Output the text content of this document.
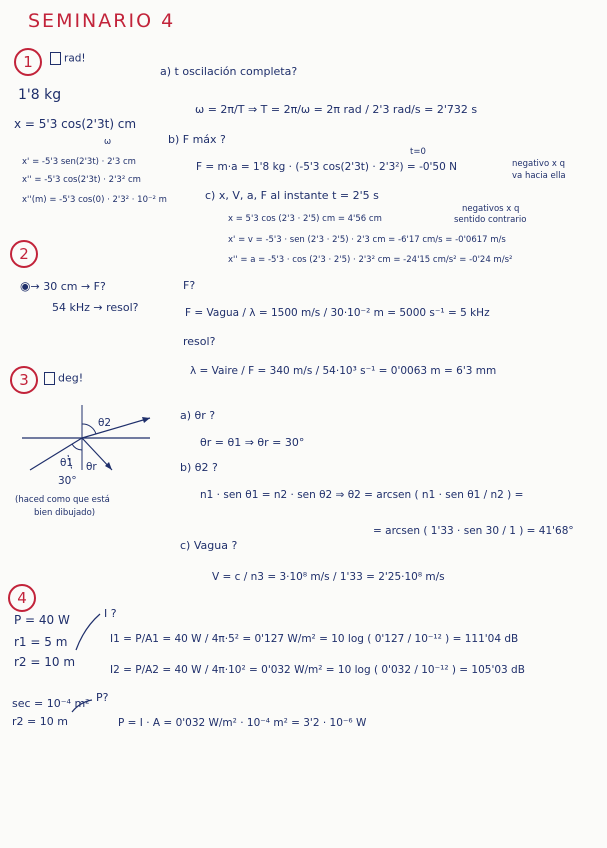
SEMINARIO 4
1	rad!
1'8 kg
x = 5'3 cos(2'3t) cm
ω
x' = -5'3 sen(2'3t) · 2'3 cm
x'' = -5'3 cos(2'3t) · 2'3² cm
x''(m) = -5'3 cos(0) · 2'3² · 10⁻² m
a) t oscilación completa?
ω = 2π/T ⇒ T = 2π/ω = 2π rad / 2'3 rad/s = 2'732 s
b) F máx ?
t=0
F = m·a = 1'8 kg · (-5'3 cos(2'3t) · 2'3²) = -0'50 N	negativo x q
va hacia ella
c) x, V, a, F al instante t = 2'5 s
negativos x q
sentido contrario
x = 5'3 cos (2'3 · 2'5) cm = 4'56 cm
x' = v = -5'3 · sen (2'3 · 2'5) · 2'3 cm = -6'17 cm/s = -0'0617 m/s
x'' = a = -5'3 · cos (2'3 · 2'5) · 2'3² cm = -24'15 cm/s² = -0'24 m/s²
2
◉→ 30 cm → F?
54 kHz → resol?
F?
F = Vagua / λ = 1500 m/s / 30·10⁻² m = 5000 s⁻¹ = 5 kHz
resol?
λ = Vaire / F = 340 m/s / 54·10³ s⁻¹ = 0'0063 m = 6'3 mm
3	deg!
θ2
θ1 θr
30°
(haced como que está
bien dibujado)
a) θr ?
θr = θ1 ⇒ θr = 30°
b) θ2 ?
n1 · sen θ1 = n2 · sen θ2 ⇒ θ2 = arcsen ( n1 · sen θ1 / n2 ) =
= arcsen ( 1'33 · sen 30 / 1 ) = 41'68°
c) Vagua ?
V = c / n3 = 3·10⁸ m/s / 1'33 = 2'25·10⁸ m/s
4
P = 40 W
r1 = 5 m
r2 = 10 m
I ?
I1 = P/A1 = 40 W / 4π·5² = 0'127 W/m² = 10 log ( 0'127 / 10⁻¹² ) = 111'04 dB
I2 = P/A2 = 40 W / 4π·10² = 0'032 W/m² = 10 log ( 0'032 / 10⁻¹² ) = 105'03 dB
sec = 10⁻⁴ m²
r2 = 10 m
P?
P = I · A = 0'032 W/m² · 10⁻⁴ m² = 3'2 · 10⁻⁶ W
